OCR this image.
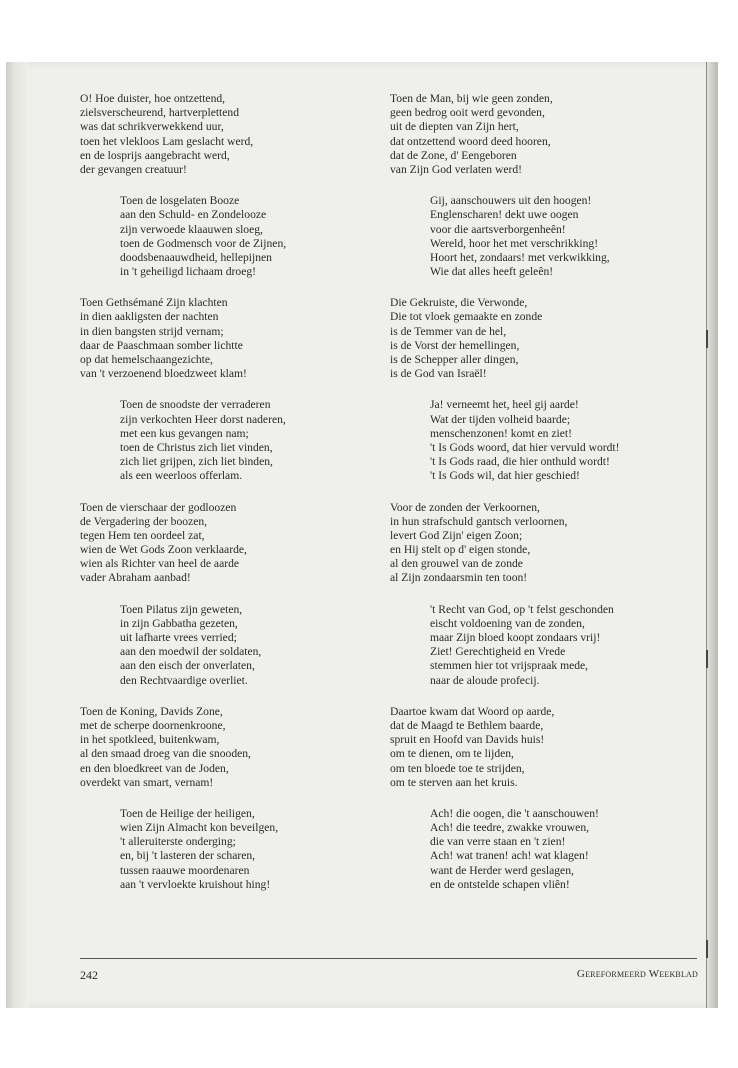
O! Hoe duister, hoe ontzettend,
zielsverscheurend, hartverplettend
was dat schrikverwekkend uur,
toen het vlekloos Lam geslacht werd,
en de losprijs aangebracht werd,
der gevangen creatuur!
Toen de losgelaten Booze
aan den Schuld- en Zondelooze
zijn verwoede klaauwen sloeg,
toen de Godmensch voor de Zijnen,
doodsbenaauwdheid, hellepijnen
in 't geheiligd lichaam droeg!
Toen Gethsémané Zijn klachten
in dien aakligsten der nachten
in dien bangsten strijd vernam;
daar de Paaschmaan somber lichtte
op dat hemelschaangezichte,
van 't verzoenend bloedzweet klam!
Toen de snoodste der verraderen
zijn verkochten Heer dorst naderen,
met een kus gevangen nam;
toen de Christus zich liet vinden,
zich liet grijpen, zich liet binden,
als een weerloos offerlam.
Toen de vierschaar der godloozen
de Vergadering der boozen,
tegen Hem ten oordeel zat,
wien de Wet Gods Zoon verklaarde,
wien als Richter van heel de aarde
vader Abraham aanbad!
Toen Pilatus zijn geweten,
in zijn Gabbatha gezeten,
uit lafharte vrees verried;
aan den moedwil der soldaten,
aan den eisch der onverlaten,
den Rechtvaardige overliet.
Toen de Koning, Davids Zone,
met de scherpe doornenkroone,
in het spotkleed, buitenkwam,
al den smaad droeg van die snooden,
en den bloedkreet van de Joden,
overdekt van smart, vernam!
Toen de Heilige der heiligen,
wien Zijn Almacht kon beveilgen,
't alleruiterste onderging;
en, bij 't lasteren der scharen,
tussen raauwe moordenaren
aan 't vervloekte kruishout hing!
Toen de Man, bij wie geen zonden,
geen bedrog ooit werd gevonden,
uit de diepten van Zijn hert,
dat ontzettend woord deed hooren,
dat de Zone, d' Eengeboren
van Zijn God verlaten werd!
Gij, aanschouwers uit den hoogen!
Englenscharen! dekt uwe oogen
voor die aartsverborgenheên!
Wereld, hoor het met verschrikking!
Hoort het, zondaars! met verkwikking,
Wie dat alles heeft geleên!
Die Gekruiste, die Verwonde,
Die tot vloek gemaakte en zonde
is de Temmer van de hel,
is de Vorst der hemellingen,
is de Schepper aller dingen,
is de God van Israël!
Ja! verneemt het, heel gij aarde!
Wat der tijden volheid baarde;
menschenzonen! komt en ziet!
't Is Gods woord, dat hier vervuld wordt!
't Is Gods raad, die hier onthuld wordt!
't Is Gods wil, dat hier geschied!
Voor de zonden der Verkoornen,
in hun strafschuld gantsch verloornen,
levert God Zijn' eigen Zoon;
en Hij stelt op d' eigen stonde,
al den grouwel van de zonde
al Zijn zondaarsmin ten toon!
't Recht van God, op 't felst geschonden
eischt voldoening van de zonden,
maar Zijn bloed koopt zondaars vrij!
Ziet! Gerechtigheid en Vrede
stemmen hier tot vrijspraak mede,
naar de aloude profecij.
Daartoe kwam dat Woord op aarde,
dat de Maagd te Bethlem baarde,
spruit en Hoofd van Davids huis!
om te dienen, om te lijden,
om ten bloede toe te strijden,
om te sterven aan het kruis.
Ach! die oogen, die 't aanschouwen!
Ach! die teedre, zwakke vrouwen,
die van verre staan en 't zien!
Ach! wat tranen! ach! wat klagen!
want de Herder werd geslagen,
en de ontstelde schapen vliên!
242	Gereformeerd Weekblad
